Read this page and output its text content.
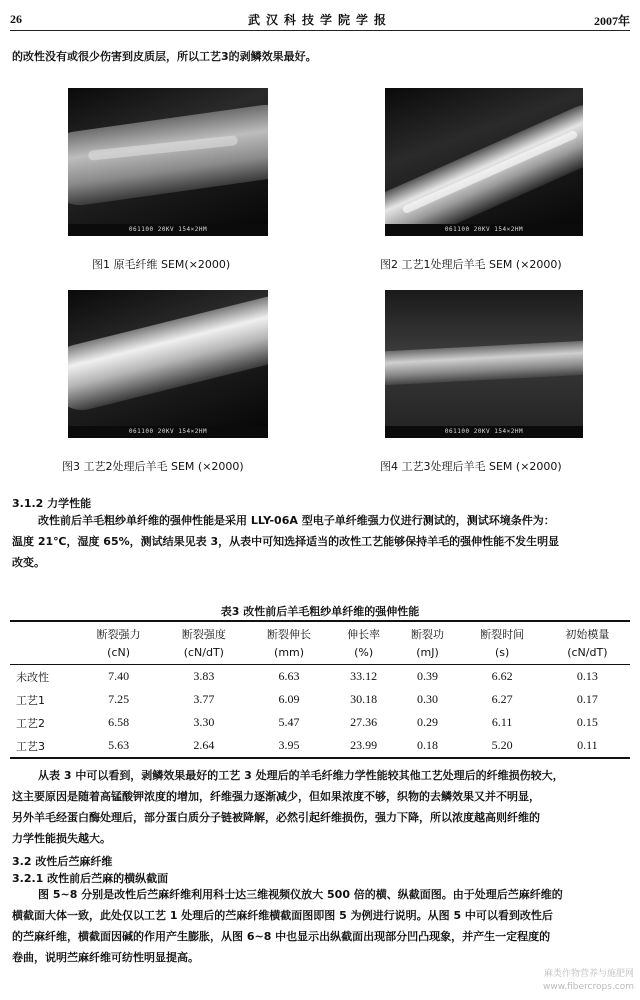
26	武汉科技学院学报	2007年
的改性没有或很少伤害到皮质层，所以工艺3的剥鳞效果最好。
061100 20KV 154×2HM
图1 原毛纤维 SEM(×2000)
061100 20KV 154×2HM
图2 工艺1处理后羊毛 SEM (×2000)
061100 20KV 154×2HM
图3 工艺2处理后羊毛 SEM (×2000)
061100 20KV 154×2HM
图4 工艺3处理后羊毛 SEM (×2000)
3.1.2 力学性能
改性前后羊毛粗纱单纤维的强伸性能是采用 LLY-06A 型电子单纤维强力仪进行测试的，测试环境条件为：
温度 21℃，湿度 65%，测试结果见表 3，从表中可知选择适当的改性工艺能够保持羊毛的强伸性能不发生明显
改变。
表3 改性前后羊毛粗纱单纤维的强伸性能
	断裂强力	断裂强度	断裂伸长	伸长率	断裂功	断裂时间	初始模量
	(cN)	(cN/dT)	(mm)	(%)	(mJ)	(s)	(cN/dT)
未改性	7.40	3.83	6.63	33.12	0.39	6.62	0.13
工艺1	7.25	3.77	6.09	30.18	0.30	6.27	0.17
工艺2	6.58	3.30	5.47	27.36	0.29	6.11	0.15
工艺3	5.63	2.64	3.95	23.99	0.18	5.20	0.11
从表 3 中可以看到，剥鳞效果最好的工艺 3 处理后的羊毛纤维力学性能较其他工艺处理后的纤维损伤较大，
这主要原因是随着高锰酸钾浓度的增加，纤维强力逐渐减少，但如果浓度不够，织物的去鳞效果又并不明显，
另外羊毛经蛋白酶处理后，部分蛋白质分子链被降解，必然引起纤维损伤，强力下降，所以浓度越高则纤维的
力学性能损失越大。
3.2 改性后苎麻纤维
3.2.1 改性前后苎麻的横纵截面
图 5~8 分别是改性后苎麻纤维利用科士达三维视频仪放大 500 倍的横、纵截面图。由于处理后苎麻纤维的
横截面大体一致，此处仅以工艺 1 处理后的苎麻纤维横截面图即图 5 为例进行说明。从图 5 中可以看到改性后
的苎麻纤维，横截面因碱的作用产生膨胀，从图 6~8 中也显示出纵截面出现部分凹凸现象，并产生一定程度的
卷曲，说明苎麻纤维可纺性明显提高。
麻类作物营养与施肥网
www.fibercrops.com
